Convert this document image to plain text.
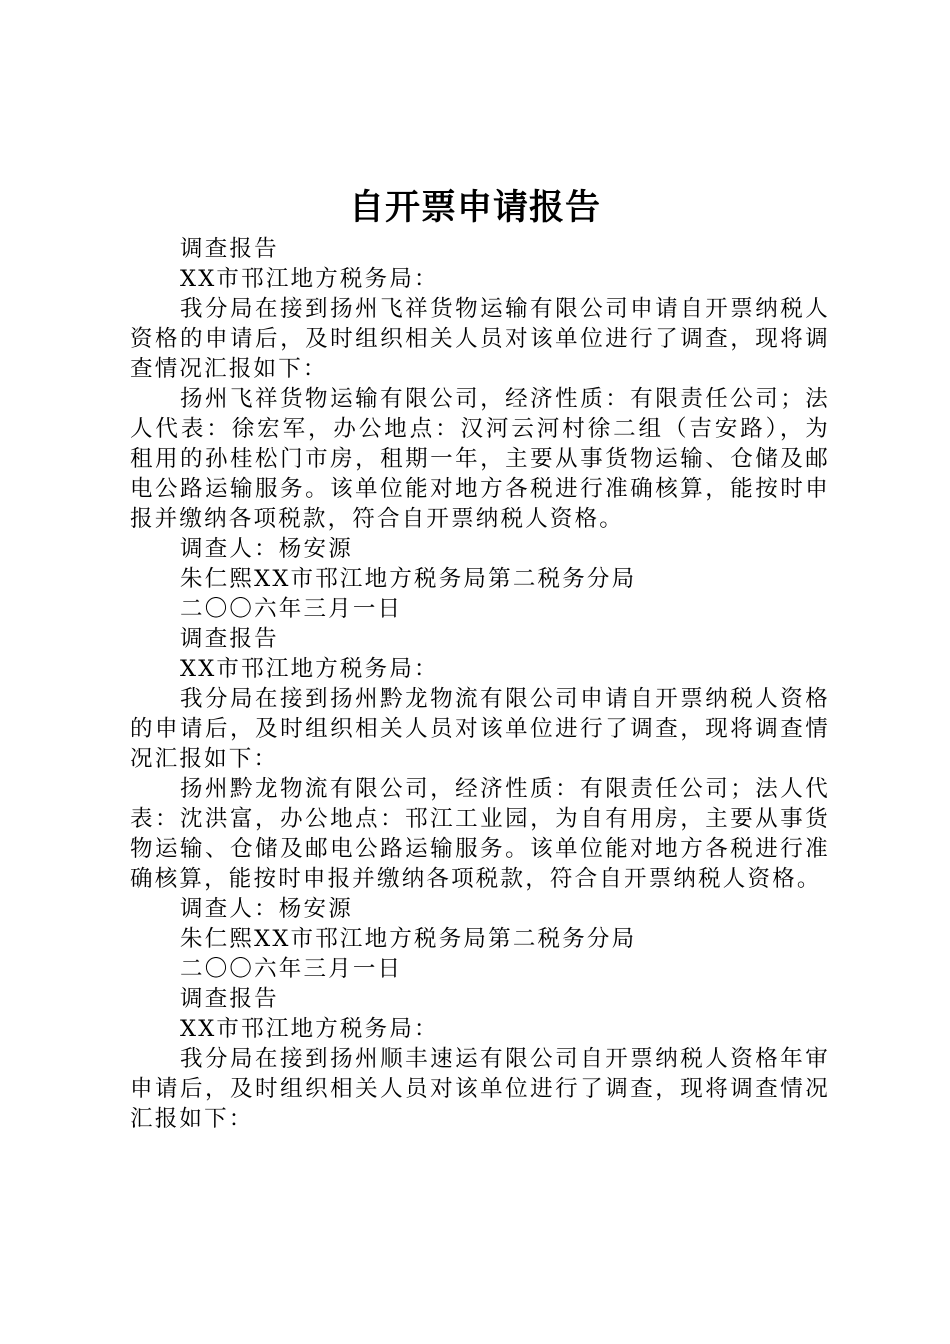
自开票申请报告

调查报告

XX市邗江地方税务局：

我分局在接到扬州飞祥货物运输有限公司申请自开票纳税人资格的申请后，及时组织相关人员对该单位进行了调查，现将调查情况汇报如下：

扬州飞祥货物运输有限公司，经济性质：有限责任公司；法人代表：徐宏军，办公地点：汉河云河村徐二组（吉安路），为租用的孙桂松门市房，租期一年，主要从事货物运输、仓储及邮电公路运输服务。该单位能对地方各税进行准确核算，能按时申报并缴纳各项税款，符合自开票纳税人资格。

调查人：杨安源

朱仁熙XX市邗江地方税务局第二税务分局

二〇〇六年三月一日

调查报告

XX市邗江地方税务局：

我分局在接到扬州黔龙物流有限公司申请自开票纳税人资格的申请后，及时组织相关人员对该单位进行了调查，现将调查情况汇报如下：

扬州黔龙物流有限公司，经济性质：有限责任公司；法人代表：沈洪富，办公地点：邗江工业园，为自有用房，主要从事货物运输、仓储及邮电公路运输服务。该单位能对地方各税进行准确核算，能按时申报并缴纳各项税款，符合自开票纳税人资格。

调查人：杨安源

朱仁熙XX市邗江地方税务局第二税务分局

二〇〇六年三月一日

调查报告

XX市邗江地方税务局：

我分局在接到扬州顺丰速运有限公司自开票纳税人资格年审申请后，及时组织相关人员对该单位进行了调查，现将调查情况汇报如下：
